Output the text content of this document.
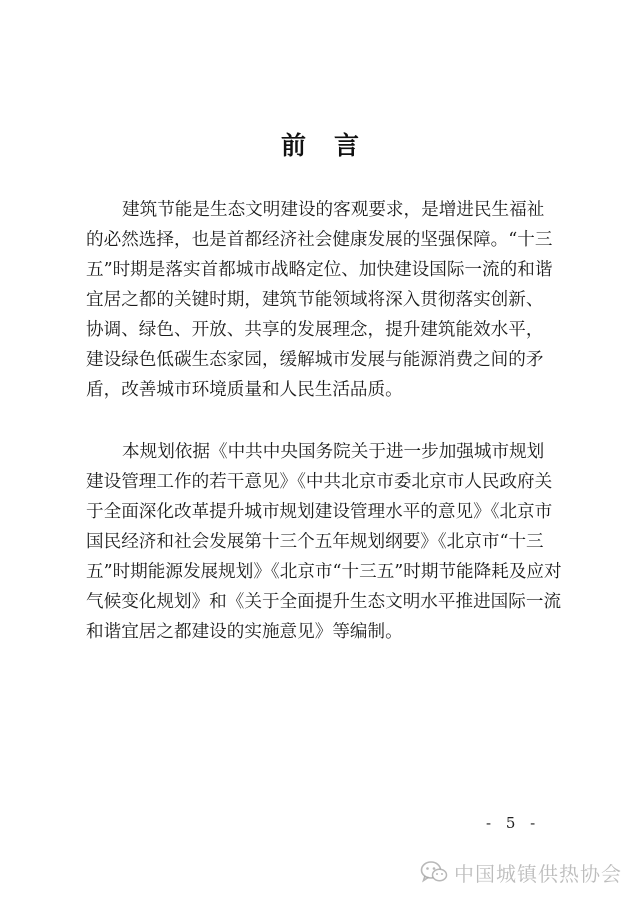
前言
建筑节能是生态文明建设的客观要求，是增进民生福祉
的必然选择，也是首都经济社会健康发展的坚强保障。“十三
五”时期是落实首都城市战略定位、加快建设国际一流的和谐
宜居之都的关键时期，建筑节能领域将深入贯彻落实创新、
协调、绿色、开放、共享的发展理念，提升建筑能效水平，
建设绿色低碳生态家园，缓解城市发展与能源消费之间的矛
盾，改善城市环境质量和人民生活品质。
本规划依据《中共中央国务院关于进一步加强城市规划
建设管理工作的若干意见》《中共北京市委北京市人民政府关
于全面深化改革提升城市规划建设管理水平的意见》《北京市
国民经济和社会发展第十三个五年规划纲要》《北京市“十三
五”时期能源发展规划》《北京市“十三五”时期节能降耗及应对
气候变化规划》和《关于全面提升生态文明水平推进国际一流
和谐宜居之都建设的实施意见》等编制。
- 5 -
中国城镇供热协会
